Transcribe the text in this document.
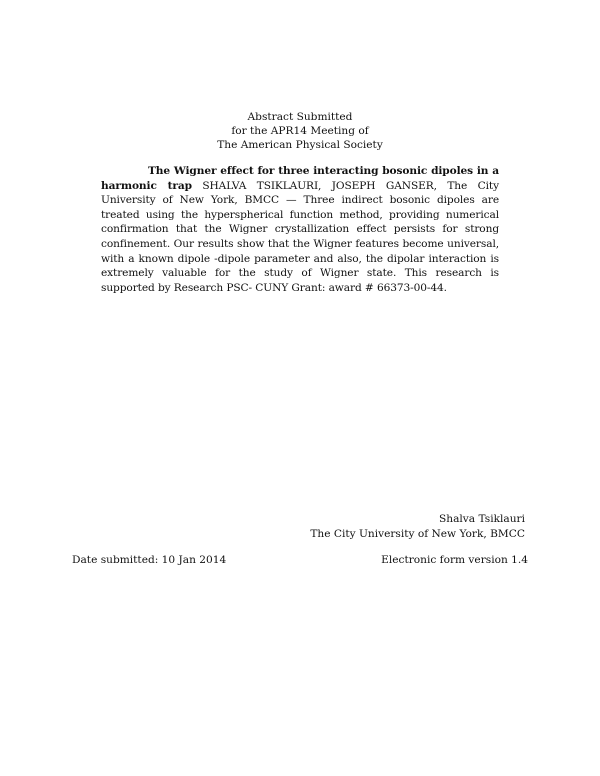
Abstract Submitted
for the APR14 Meeting of
The American Physical Society
The Wigner effect for three interacting bosonic dipoles in a harmonic trap SHALVA TSIKLAURI, JOSEPH GANSER, The City University of New York, BMCC — Three indirect bosonic dipoles are treated using the hyperspherical function method, providing numerical confirmation that the Wigner crystallization effect persists for strong confinement. Our results show that the Wigner features become universal, with a known dipole -dipole parameter and also, the dipolar interaction is extremely valuable for the study of Wigner state. This research is supported by Research PSC- CUNY Grant: award # 66373-00-44.
Shalva Tsiklauri
The City University of New York, BMCC
Date submitted: 10 Jan 2014	Electronic form version 1.4
